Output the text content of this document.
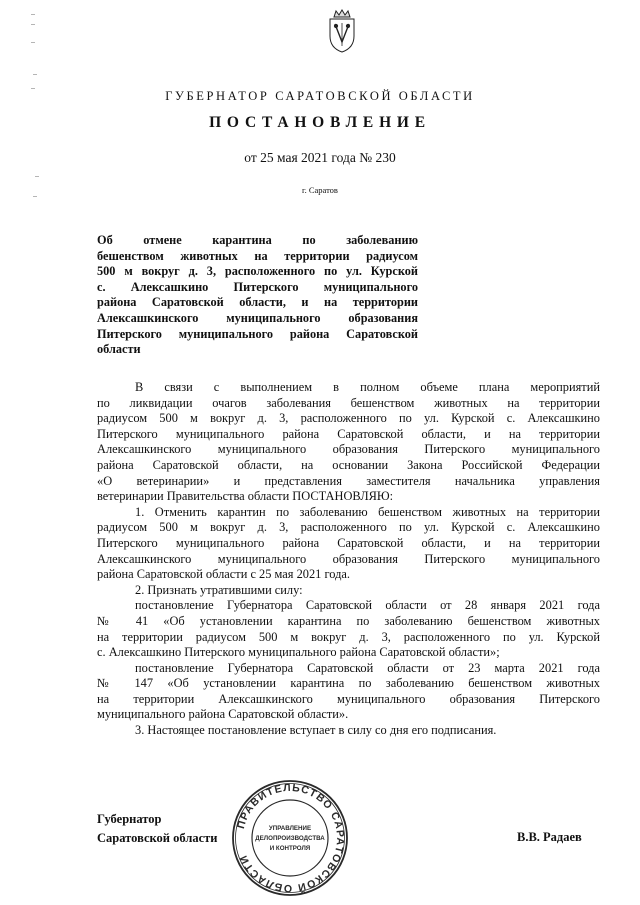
ГУБЕРНАТОР САРАТОВСКОЙ ОБЛАСТИ
ПОСТАНОВЛЕНИЕ
от 25 мая 2021 года № 230
г. Саратов
Об отмене карантина по заболеванию
бешенством животных на территории радиусом
500 м вокруг д. 3, расположенного по ул. Курской
с. Алексашкино Питерского муниципального
района Саратовской области, и на территории
Алексашкинского муниципального образования
Питерского муниципального района Саратовской
области
В связи с выполнением в полном объеме плана мероприятий
по ликвидации очагов заболевания бешенством животных на территории
радиусом 500 м вокруг д. 3, расположенного по ул. Курской с. Алексашкино
Питерского муниципального района Саратовской области, и на территории
Алексашкинского муниципального образования Питерского муниципального
района Саратовской области, на основании Закона Российской Федерации
«О ветеринарии» и представления заместителя начальника управления
ветеринарии Правительства области ПОСТАНОВЛЯЮ:
1. Отменить карантин по заболеванию бешенством животных на территории
радиусом 500 м вокруг д. 3, расположенного по ул. Курской с. Алексашкино
Питерского муниципального района Саратовской области, и на территории
Алексашкинского муниципального образования Питерского муниципального
района Саратовской области с 25 мая 2021 года.
2. Признать утратившими силу:
постановление Губернатора Саратовской области от 28 января 2021 года
№ 41 «Об установлении карантина по заболеванию бешенством животных
на территории радиусом 500 м вокруг д. 3, расположенного по ул. Курской
с. Алексашкино Питерского муниципального района Саратовской области»;
постановление Губернатора Саратовской области от 23 марта 2021 года
№ 147 «Об установлении карантина по заболеванию бешенством животных
на территории Алексашкинского муниципального образования Питерского
муниципального района Саратовской области».
3. Настоящее постановление вступает в силу со дня его подписания.
Губернатор
Саратовской области	В.В. Радаев
ПРАВИТЕЛЬСТВО САРАТОВСКОЙ ОБЛАСТИ
УПРАВЛЕНИЕ
ДЕЛОПРОИЗВОДСТВА
И КОНТРОЛЯ
